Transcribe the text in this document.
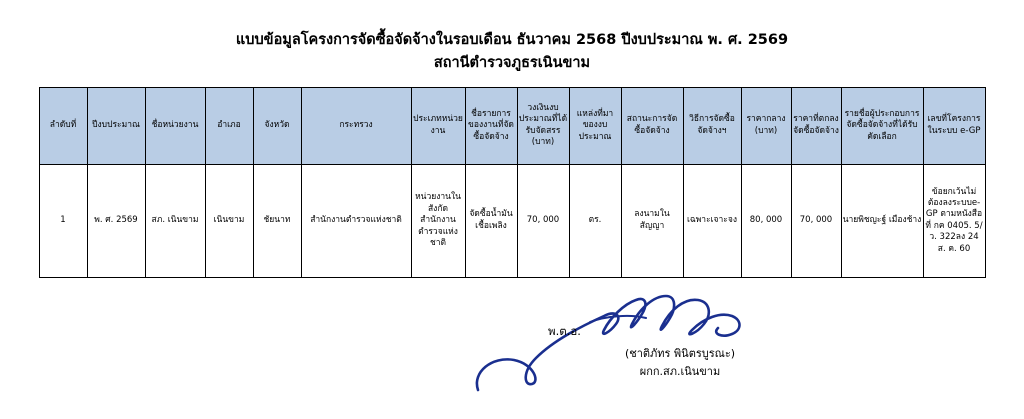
แบบข้อมูลโครงการจัดซื้อจัดจ้างในรอบเดือน ธันวาคม 2568 ปีงบประมาณ พ. ศ. 2569
สถานีตำรวจภูธรเนินขาม
ลำดับที่	ปีงบประมาณ	ชื่อหน่วยงาน	อำเภอ	จังหวัด	กระทรวง	ประเภทหน่วยงาน	ชื่อรายการของงานที่จัดซื้อจัดจ้าง	วงเงินงบประมาณที่ได้รับจัดสรร (บาท)	แหล่งที่มาของงบประมาณ	สถานะการจัดซื้อจัดจ้าง	วิธีการจัดซื้อจัดจ้างฯ	ราคากลาง (บาท)	ราคาที่ตกลงจัดซื้อจัดจ้าง	รายชื่อผู้ประกอบการจัดซื้อจัดจ้างที่ได้รับคัดเลือก	เลขที่โครงการในระบบ e-GP
1	พ. ศ. 2569	สภ. เนินขาม	เนินขาม	ชัยนาท	สำนักงานตำรวจแห่งชาติ	หน่วยงานในสังกัดสำนักงานตำรวจแห่งชาติ	จัดซื้อน้ำมันเชื้อเพลิง	70, 000	ตร.	ลงนามในสัญญา	เฉพาะเจาะจง	80, 000	70, 000	นายพิชญะฐ์ เมืองช้าง	ข้อยกเว้นไม่ต้องลงระบบe-GP ตามหนังสือที่ กค 0405. 5/ว. 322ลง 24 ส. ค. 60
พ.ต.อ.
(ชาติภัทร พินิตรบูรณะ)
ผกก.สภ.เนินขาม
